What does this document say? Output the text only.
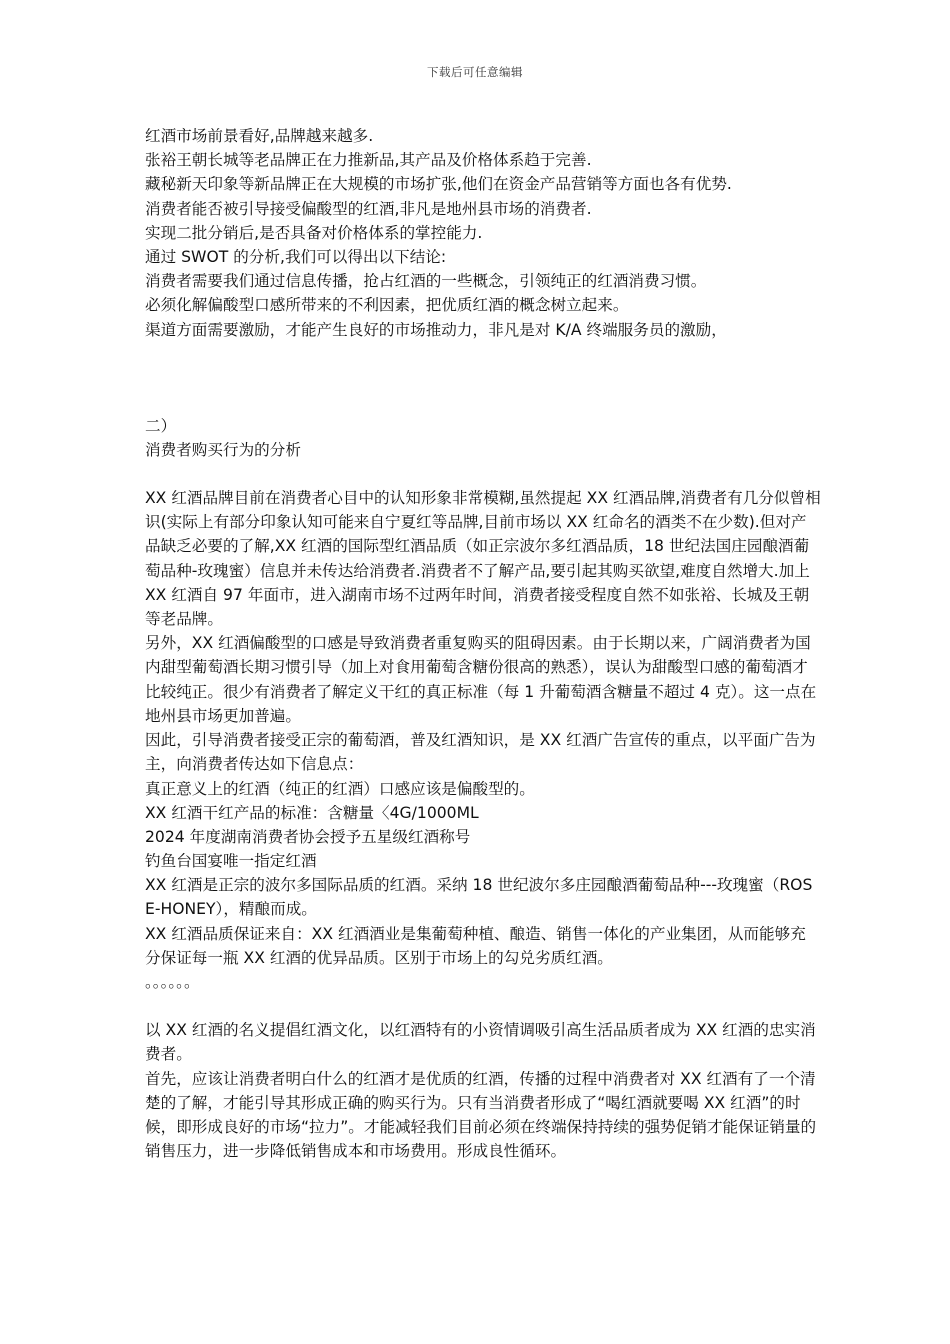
下载后可任意编辑
红酒市场前景看好,品牌越来越多.
张裕王朝长城等老品牌正在力推新品,其产品及价格体系趋于完善.
藏秘新天印象等新品牌正在大规模的市场扩张,他们在资金产品营销等方面也各有优势.
消费者能否被引导接受偏酸型的红酒,非凡是地州县市场的消费者.
实现二批分销后,是否具备对价格体系的掌控能力.
通过 SWOT 的分析,我们可以得出以下结论:
消费者需要我们通过信息传播，抢占红酒的一些概念，引领纯正的红酒消费习惯。
必须化解偏酸型口感所带来的不利因素，把优质红酒的概念树立起来。
渠道方面需要激励，才能产生良好的市场推动力，非凡是对 K/A 终端服务员的激励，
二）
消费者购买行为的分析
XX 红酒品牌目前在消费者心目中的认知形象非常模糊,虽然提起 XX 红酒品牌,消费者有几分似曾相识(实际上有部分印象认知可能来自宁夏红等品牌,目前市场以 XX 红命名的酒类不在少数).但对产品缺乏必要的了解,XX 红酒的国际型红酒品质（如正宗波尔多红酒品质，18 世纪法国庄园酿酒葡萄品种-玫瑰蜜）信息并未传达给消费者.消费者不了解产品,要引起其购买欲望,难度自然增大.加上 XX 红酒自 97 年面市，进入湖南市场不过两年时间，消费者接受程度自然不如张裕、长城及王朝等老品牌。
另外，XX 红酒偏酸型的口感是导致消费者重复购买的阻碍因素。由于长期以来，广阔消费者为国内甜型葡萄酒长期习惯引导（加上对食用葡萄含糖份很高的熟悉），误认为甜酸型口感的葡萄酒才比较纯正。很少有消费者了解定义干红的真正标准（每 1 升葡萄酒含糖量不超过 4 克）。这一点在地州县市场更加普遍。
因此，引导消费者接受正宗的葡萄酒，普及红酒知识，是 XX 红酒广告宣传的重点，以平面广告为主，向消费者传达如下信息点：
真正意义上的红酒（纯正的红酒）口感应该是偏酸型的。
XX 红酒干红产品的标准：含糖量〈4G/1000ML
2024 年度湖南消费者协会授予五星级红酒称号
钓鱼台国宴唯一指定红酒
XX 红酒是正宗的波尔多国际品质的红酒。采纳 18 世纪波尔多庄园酿酒葡萄品种---玫瑰蜜（ROSE-HONEY），精酿而成。
XX 红酒品质保证来自：XX 红酒酒业是集葡萄种植、酿造、销售一体化的产业集团，从而能够充分保证每一瓶 XX 红酒的优异品质。区别于市场上的勾兑劣质红酒。
。。。。。。
以 XX 红酒的名义提倡红酒文化，以红酒特有的小资情调吸引高生活品质者成为 XX 红酒的忠实消费者。
首先，应该让消费者明白什么的红酒才是优质的红酒，传播的过程中消费者对 XX 红酒有了一个清楚的了解，才能引导其形成正确的购买行为。只有当消费者形成了“喝红酒就要喝 XX 红酒”的时候，即形成良好的市场“拉力”。才能减轻我们目前必须在终端保持持续的强势促销才能保证销量的销售压力，进一步降低销售成本和市场费用。形成良性循环。
